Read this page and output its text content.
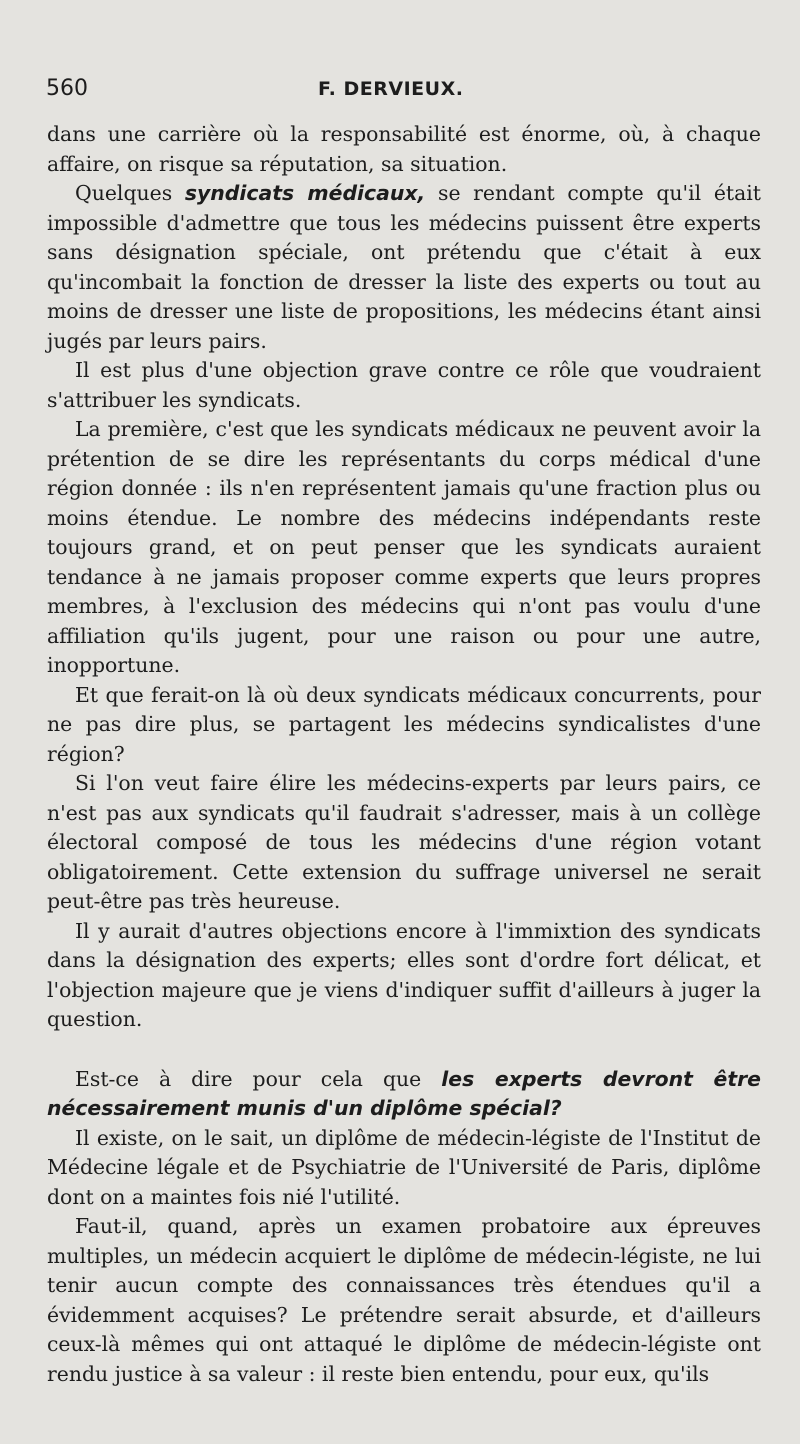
560	F. DERVIEUX.

dans une carrière où la responsabilité est énorme, où, à chaque affaire, on risque sa réputation, sa situation.

Quelques syndicats médicaux, se rendant compte qu'il était impossible d'admettre que tous les médecins puissent être experts sans désignation spéciale, ont prétendu que c'était à eux qu'incombait la fonction de dresser la liste des experts ou tout au moins de dresser une liste de propositions, les médecins étant ainsi jugés par leurs pairs.

Il est plus d'une objection grave contre ce rôle que voudraient s'attribuer les syndicats.

La première, c'est que les syndicats médicaux ne peuvent avoir la prétention de se dire les représentants du corps médical d'une région donnée : ils n'en représentent jamais qu'une fraction plus ou moins étendue. Le nombre des médecins indépendants reste toujours grand, et on peut penser que les syndicats auraient tendance à ne jamais proposer comme experts que leurs propres membres, à l'exclusion des médecins qui n'ont pas voulu d'une affiliation qu'ils jugent, pour une raison ou pour une autre, inopportune.

Et que ferait-on là où deux syndicats médicaux concurrents, pour ne pas dire plus, se partagent les médecins syndicalistes d'une région?

Si l'on veut faire élire les médecins-experts par leurs pairs, ce n'est pas aux syndicats qu'il faudrait s'adresser, mais à un collège électoral composé de tous les médecins d'une région votant obligatoirement. Cette extension du suffrage universel ne serait peut-être pas très heureuse.

Il y aurait d'autres objections encore à l'immixtion des syndicats dans la désignation des experts; elles sont d'ordre fort délicat, et l'objection majeure que je viens d'indiquer suffit d'ailleurs à juger la question.

Est-ce à dire pour cela que les experts devront être nécessairement munis d'un diplôme spécial?

Il existe, on le sait, un diplôme de médecin-légiste de l'Institut de Médecine légale et de Psychiatrie de l'Université de Paris, diplôme dont on a maintes fois nié l'utilité.

Faut-il, quand, après un examen probatoire aux épreuves multiples, un médecin acquiert le diplôme de médecin-légiste, ne lui tenir aucun compte des connaissances très étendues qu'il a évidemment acquises? Le prétendre serait absurde, et d'ailleurs ceux-là mêmes qui ont attaqué le diplôme de médecin-légiste ont rendu justice à sa valeur : il reste bien entendu, pour eux, qu'ils
